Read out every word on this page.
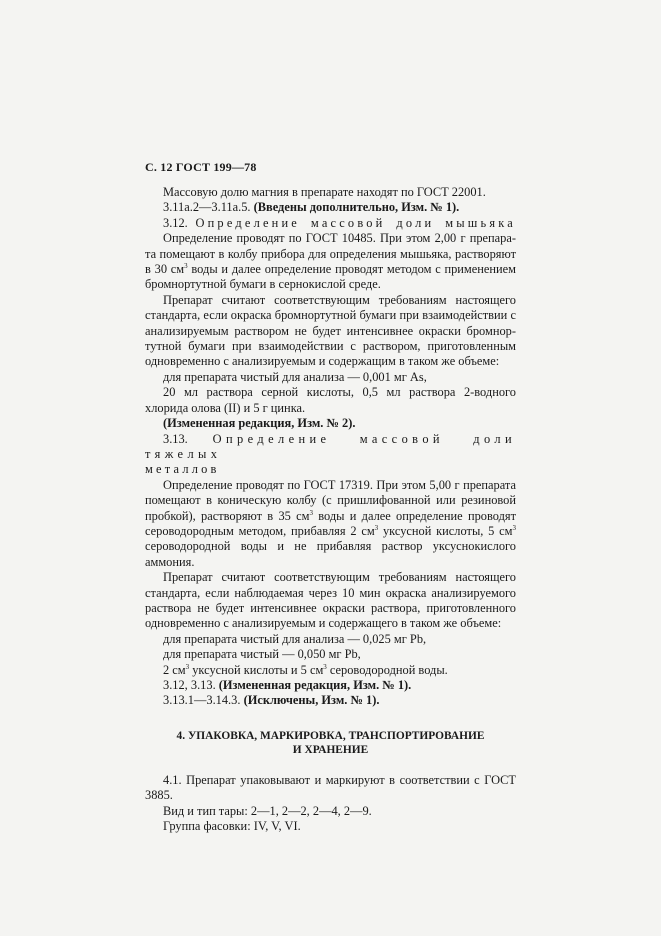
С. 12 ГОСТ 199—78

Массовую долю магния в препарате находят по ГОСТ 22001.

3.11а.2—3.11а.5. (Введены дополнительно, Изм. № 1).

3.12. Определение массовой доли мышьяка

Определение проводят по ГОСТ 10485. При этом 2,00 г препара-

та помещают в колбу прибора для определения мышьяка, растворяют

в 30 $см^3$ воды и далее определение проводят методом с применением

бромнортутной бумаги в сернокислой среде.

Препарат считают соответствующим требованиям настоящего стандарта, если окраска бромнортутной бумаги при взаимодействии с анализируемым раствором не будет интенсивнее окраски бромнор-тутной бумаги при взаимодействии с раствором, приготовленным одновременно с анализируемым и содержащим в таком же объеме:

для препарата чистый для анализа — 0,001 мг As,

20 мл раствора серной кислоты, 0,5 мл раствора 2-водного хлорида олова (II) и 5 г цинка.

(Измененная редакция, Изм. № 2).

3.13. Определение массовой доли тяжелых

металлов

Определение проводят по ГОСТ 17319. При этом 5,00 г препарата помещают в коническую колбу (с пришлифованной или резиновой пробкой), растворяют в 35 $см^3$ воды и далее определение проводят сероводородным методом, прибавляя 2 $см^3$ уксусной кислоты, 5 $см^3$ сероводородной воды и не прибавляя раствор уксуснокислого аммония.

Препарат считают соответствующим требованиям настоящего стандарта, если наблюдаемая через 10 мин окраска анализируемого раствора не будет интенсивнее окраски раствора, приготовленного одновременно с анализируемым и содержащего в таком же объеме:

для препарата чистый для анализа — 0,025 мг Pb,

для препарата чистый — 0,050 мг Pb,

2 $см^3$ уксусной кислоты и 5 $см^3$ сероводородной воды.

3.12, 3.13. (Измененная редакция, Изм. № 1).

3.13.1—3.14.3. (Исключены, Изм. № 1).

4. УПАКОВКА, МАРКИРОВКА, ТРАНСПОРТИРОВАНИЕ
И ХРАНЕНИЕ

4.1. Препарат упаковывают и маркируют в соответствии с ГОСТ 3885.

Вид и тип тары: 2—1, 2—2, 2—4, 2—9.

Группа фасовки: IV, V, VI.
